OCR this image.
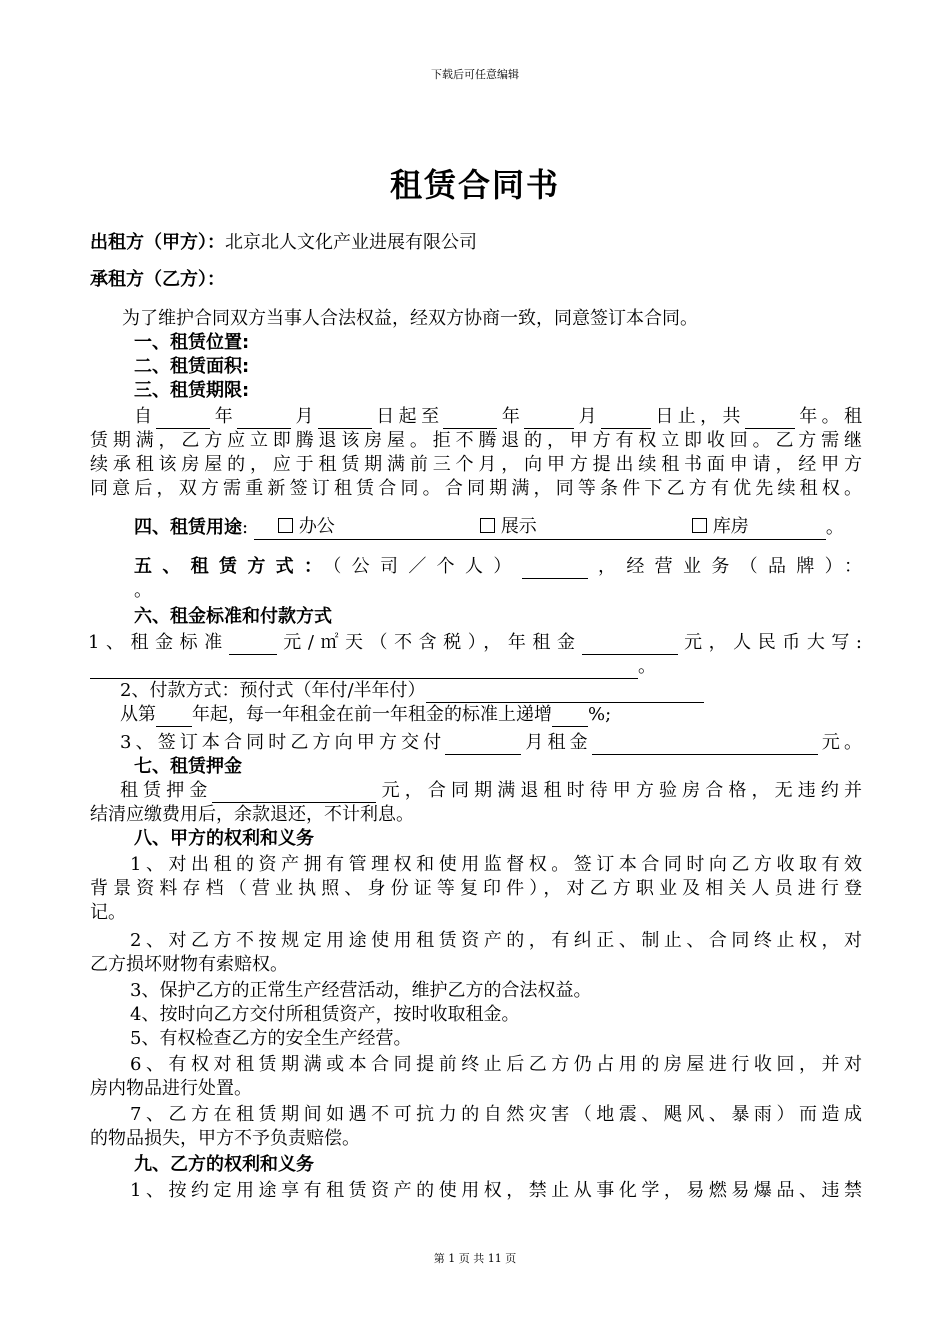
下载后可任意编辑
租赁合同书
出租方（甲方）：北京北人文化产业进展有限公司
承租方（乙方）：
为了维护合同双方当事人合法权益，经双方协商一致，同意签订本合同。
一、租赁位置:
二、租赁面积:
三、租赁期限:
自	年	月	日起至	年	月	日止，共	年。租
赁期满，乙方应立即腾退该房屋。拒不腾退的，甲方有权立即收回。乙方需继
续承租该房屋的，应于租赁期满前三个月，向甲方提出续租书面申请，经甲方
同意后，双方需重新签订租赁合同。合同期满，同等条件下乙方有优先续租权。
四、租赁用途:	办公	展示	库房	。
五、租赁方式：（公司／个人）	，经营业务（品牌）：
。
六、租金标准和付款方式
1、租金标准	元/㎡天（不含税），年租金	元，人民币大写:
。
2、付款方式：预付式（年付/半年付）
从第 年起，每一年租金在前一年租金的标准上递增 %;
3、签订本合同时乙方向甲方交付	月租金	元。
七、租赁押金
租赁押金	元，合同期满退租时待甲方验房合格，无违约并
结清应缴费用后，余款退还，不计利息。
八、甲方的权利和义务
1、对出租的资产拥有管理权和使用监督权。签订本合同时向乙方收取有效
背景资料存档（营业执照、身份证等复印件），对乙方职业及相关人员进行登
记。
2、对乙方不按规定用途使用租赁资产的，有纠正、制止、合同终止权，对
乙方损坏财物有索赔权。
3、保护乙方的正常生产经营活动，维护乙方的合法权益。
4、按时向乙方交付所租赁资产，按时收取租金。
5、有权检查乙方的安全生产经营。
6、有权对租赁期满或本合同提前终止后乙方仍占用的房屋进行收回，并对
房内物品进行处置。
7、乙方在租赁期间如遇不可抗力的自然灾害（地震、飓风、暴雨）而造成
的物品损失，甲方不予负责赔偿。
九、乙方的权利和义务
1、按约定用途享有租赁资产的使用权，禁止从事化学，易燃易爆品、违禁
第 1 页 共 11 页
